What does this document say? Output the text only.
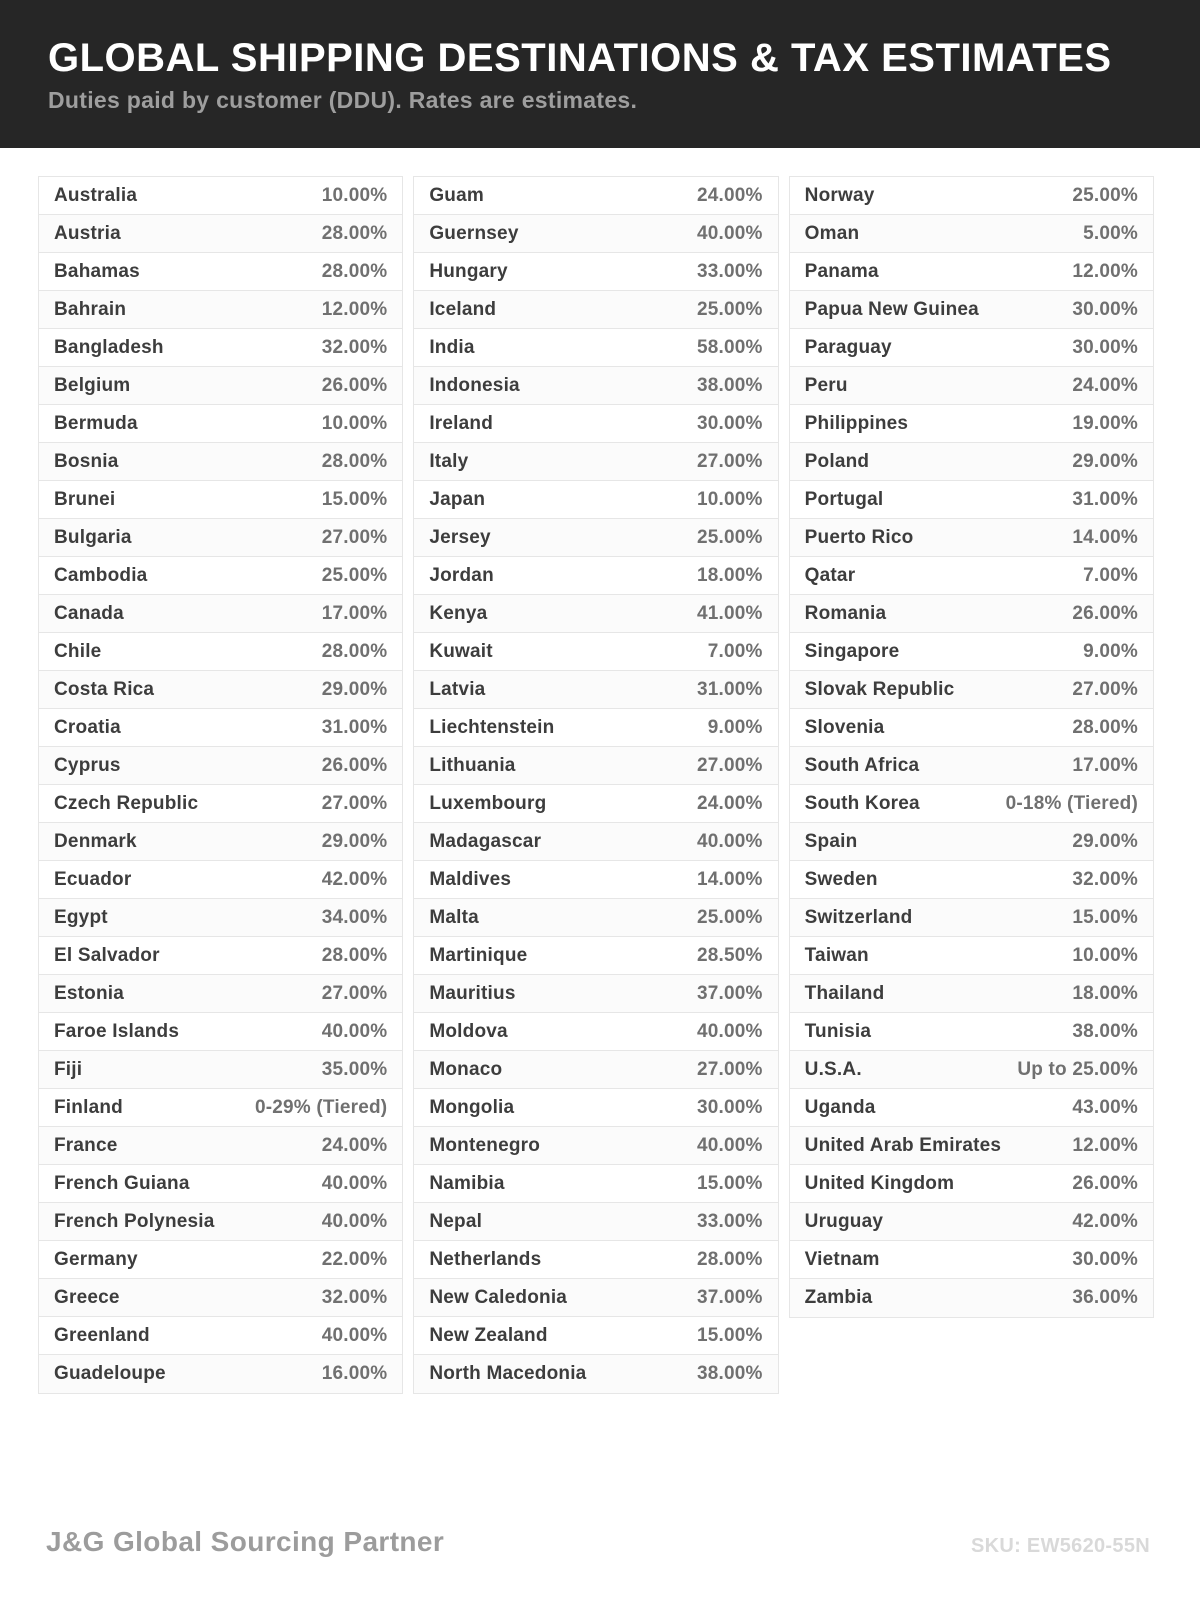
GLOBAL SHIPPING DESTINATIONS & TAX ESTIMATES

Duties paid by customer (DDU). Rates are estimates.

Australia	10.00%
Austria	28.00%
Bahamas	28.00%
Bahrain	12.00%
Bangladesh	32.00%
Belgium	26.00%
Bermuda	10.00%
Bosnia	28.00%
Brunei	15.00%
Bulgaria	27.00%
Cambodia	25.00%
Canada	17.00%
Chile	28.00%
Costa Rica	29.00%
Croatia	31.00%
Cyprus	26.00%
Czech Republic	27.00%
Denmark	29.00%
Ecuador	42.00%
Egypt	34.00%
El Salvador	28.00%
Estonia	27.00%
Faroe Islands	40.00%
Fiji	35.00%
Finland	0-29% (Tiered)
France	24.00%
French Guiana	40.00%
French Polynesia	40.00%
Germany	22.00%
Greece	32.00%
Greenland	40.00%
Guadeloupe	16.00%
Guam	24.00%
Guernsey	40.00%
Hungary	33.00%
Iceland	25.00%
India	58.00%
Indonesia	38.00%
Ireland	30.00%
Italy	27.00%
Japan	10.00%
Jersey	25.00%
Jordan	18.00%
Kenya	41.00%
Kuwait	7.00%
Latvia	31.00%
Liechtenstein	9.00%
Lithuania	27.00%
Luxembourg	24.00%
Madagascar	40.00%
Maldives	14.00%
Malta	25.00%
Martinique	28.50%
Mauritius	37.00%
Moldova	40.00%
Monaco	27.00%
Mongolia	30.00%
Montenegro	40.00%
Namibia	15.00%
Nepal	33.00%
Netherlands	28.00%
New Caledonia	37.00%
New Zealand	15.00%
North Macedonia	38.00%
Norway	25.00%
Oman	5.00%
Panama	12.00%
Papua New Guinea	30.00%
Paraguay	30.00%
Peru	24.00%
Philippines	19.00%
Poland	29.00%
Portugal	31.00%
Puerto Rico	14.00%
Qatar	7.00%
Romania	26.00%
Singapore	9.00%
Slovak Republic	27.00%
Slovenia	28.00%
South Africa	17.00%
South Korea	0-18% (Tiered)
Spain	29.00%
Sweden	32.00%
Switzerland	15.00%
Taiwan	10.00%
Thailand	18.00%
Tunisia	38.00%
U.S.A.	Up to 25.00%
Uganda	43.00%
United Arab Emirates	12.00%
United Kingdom	26.00%
Uruguay	42.00%
Vietnam	30.00%
Zambia	36.00%
J&G Global Sourcing Partner	SKU: EW5620-55N
